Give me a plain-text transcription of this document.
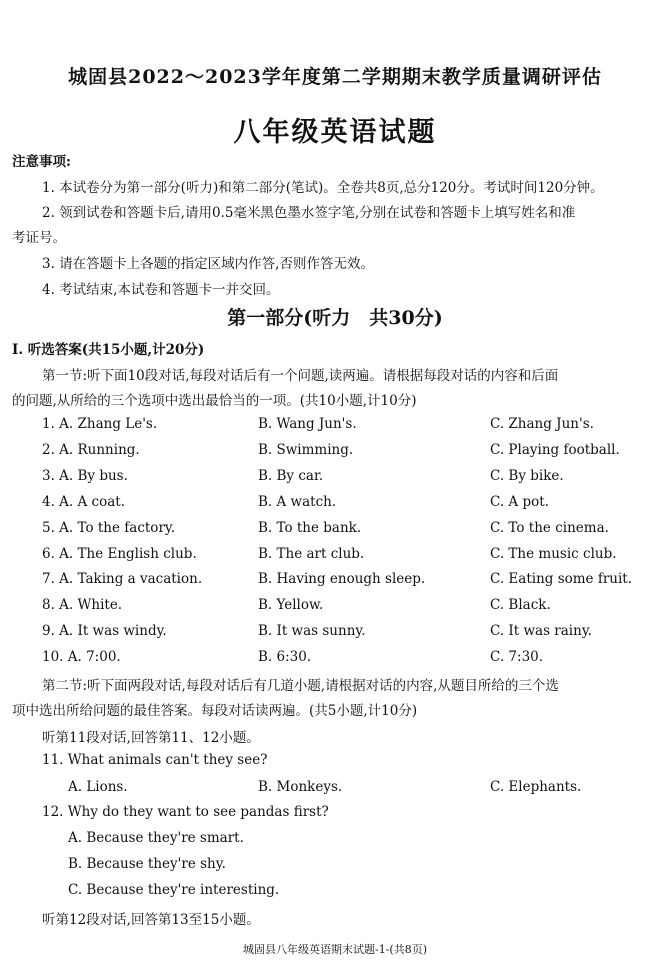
城固县2022～2023学年度第二学期期末教学质量调研评估
八年级英语试题
注意事项:
1. 本试卷分为第一部分(听力)和第二部分(笔试)。全卷共8页,总分120分。考试时间120分钟。
2. 领到试卷和答题卡后,请用0.5毫米黑色墨水签字笔,分别在试卷和答题卡上填写姓名和准
考证号。
3. 请在答题卡上各题的指定区域内作答,否则作答无效。
4. 考试结束,本试卷和答题卡一并交回。
第一部分(听力　共30分)
Ⅰ. 听选答案(共15小题,计20分)
第一节:听下面10段对话,每段对话后有一个问题,读两遍。请根据每段对话的内容和后面
的问题,从所给的三个选项中选出最恰当的一项。(共10小题,计10分)
1. A. Zhang Le's.	B. Wang Jun's.	C. Zhang Jun's.
2. A. Running.	B. Swimming.	C. Playing football.
3. A. By bus.	B. By car.	C. By bike.
4. A. A coat.	B. A watch.	C. A pot.
5. A. To the factory.	B. To the bank.	C. To the cinema.
6. A. The English club.	B. The art club.	C. The music club.
7. A. Taking a vacation.	B. Having enough sleep.	C. Eating some fruit.
8. A. White.	B. Yellow.	C. Black.
9. A. It was windy.	B. It was sunny.	C. It was rainy.
10. A. 7:00.	B. 6:30.	C. 7:30.
第二节:听下面两段对话,每段对话后有几道小题,请根据对话的内容,从题目所给的三个选
项中选出所给问题的最佳答案。每段对话读两遍。(共5小题,计10分)
听第11段对话,回答第11、12小题。
11. What animals can't they see?
A. Lions.	B. Monkeys.	C. Elephants.
12. Why do they want to see pandas first?
A. Because they're smart.
B. Because they're shy.
C. Because they're interesting.
听第12段对话,回答第13至15小题。
城固县八年级英语期末试题-1-(共8页)
